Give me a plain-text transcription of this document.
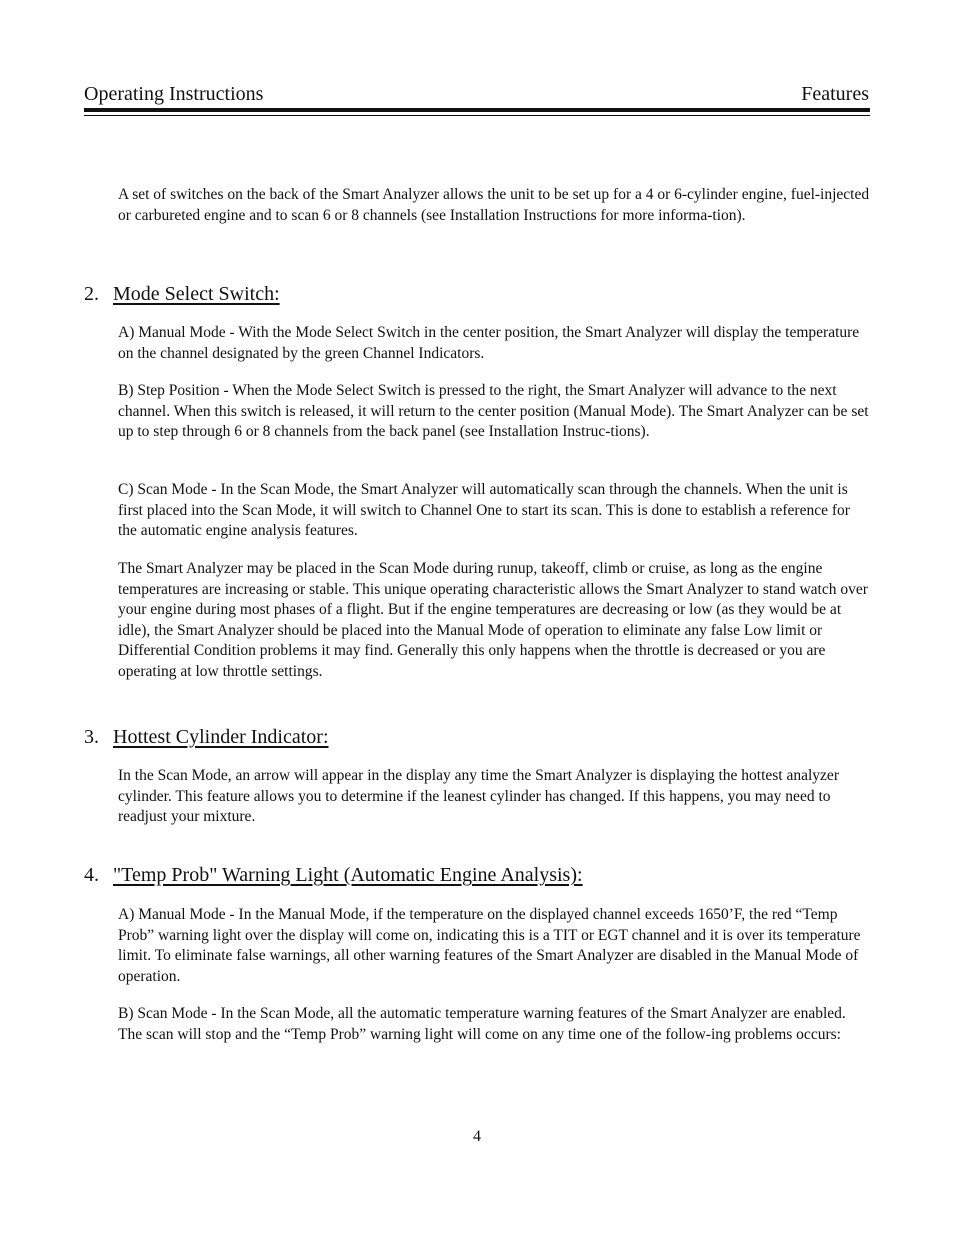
Operating Instructions	Features

A set of switches on the back of the Smart Analyzer allows the unit to be set up for a 4 or 6-cylinder engine, fuel-injected or carbureted engine and to scan 6 or 8 channels (see Installation Instructions for more informa-tion).

2. Mode Select Switch:

A) Manual Mode - With the Mode Select Switch in the center position, the Smart Analyzer will display the temperature on the channel designated by the green Channel Indicators.

B) Step Position - When the Mode Select Switch is pressed to the right, the Smart Analyzer will advance to the next channel. When this switch is released, it will return to the center position (Manual Mode). The Smart Analyzer can be set up to step through 6 or 8 channels from the back panel (see Installation Instruc-tions).

C) Scan Mode - In the Scan Mode, the Smart Analyzer will automatically scan through the channels. When the unit is first placed into the Scan Mode, it will switch to Channel One to start its scan. This is done to establish a reference for the automatic engine analysis features.

The Smart Analyzer may be placed in the Scan Mode during runup, takeoff, climb or cruise, as long as the engine temperatures are increasing or stable. This unique operating characteristic allows the Smart Analyzer to stand watch over your engine during most phases of a flight. But if the engine temperatures are decreasing or low (as they would be at idle), the Smart Analyzer should be placed into the Manual Mode of operation to eliminate any false Low limit or Differential Condition problems it may find. Generally this only happens when the throttle is decreased or you are operating at low throttle settings.

3. Hottest Cylinder Indicator:

In the Scan Mode, an arrow will appear in the display any time the Smart Analyzer is displaying the hottest analyzer cylinder. This feature allows you to determine if the leanest cylinder has changed. If this happens, you may need to readjust your mixture.

4. "Temp Prob" Warning Light (Automatic Engine Analysis):

A) Manual Mode - In the Manual Mode, if the temperature on the displayed channel exceeds 1650’F, the red “Temp Prob” warning light over the display will come on, indicating this is a TIT or EGT channel and it is over its temperature limit. To eliminate false warnings, all other warning features of the Smart Analyzer are disabled in the Manual Mode of operation.

B) Scan Mode - In the Scan Mode, all the automatic temperature warning features of the Smart Analyzer are enabled. The scan will stop and the “Temp Prob” warning light will come on any time one of the follow-ing problems occurs:

4
